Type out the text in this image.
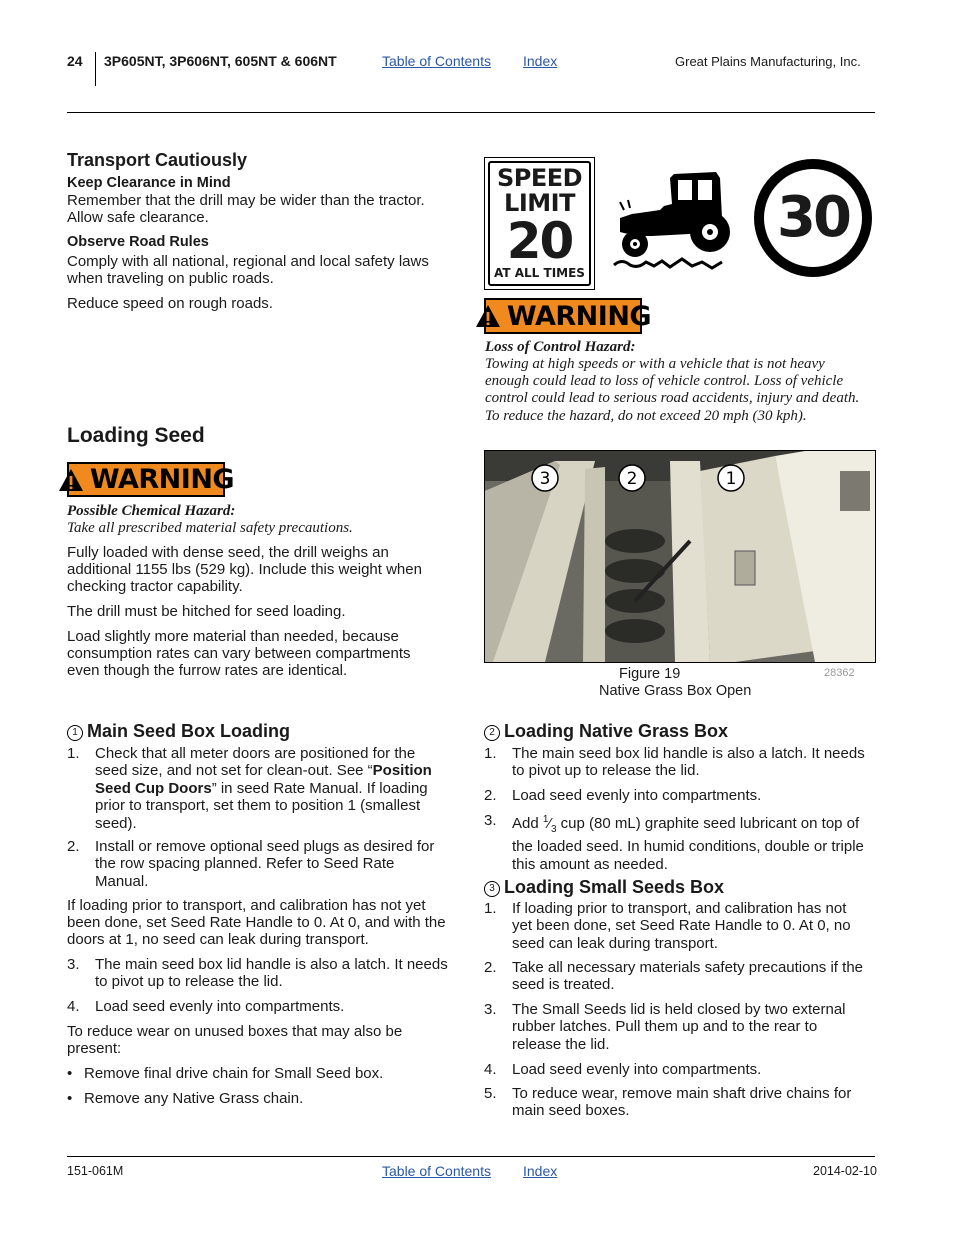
24 3P605NT, 3P606NT, 605NT & 606NT	Table of Contents Index	Great Plains Manufacturing, Inc.
Transport Cautiously
Keep Clearance in Mind
Remember that the drill may be wider than the tractor.
Allow safe clearance.
Observe Road Rules
Comply with all national, regional and local safety laws
when traveling on public roads.
Reduce speed on rough roads.
SPEED
LIMIT
20
AT ALL TIMES
30
WARNING
Loss of Control Hazard:
Towing at high speeds or with a vehicle that is not heavy
enough could lead to loss of vehicle control. Loss of vehicle
control could lead to serious road accidents, injury and death.
To reduce the hazard, do not exceed 20 mph (30 kph).
Loading Seed
WARNING
Possible Chemical Hazard:
Take all prescribed material safety precautions.
Fully loaded with dense seed, the drill weighs an
additional 1155 lbs (529 kg). Include this weight when
checking tractor capability.
The drill must be hitched for seed loading.
Load slightly more material than needed, because
consumption rates can vary between compartments
even though the furrow rates are identical.
3	2	1
Figure 19	28362
Native Grass Box Open
1 Main Seed Box Loading
1. Check that all meter doors are positioned for the
seed size, and not set for clean-out. See “Position
Seed Cup Doors” in seed Rate Manual. If loading
prior to transport, set them to position 1 (smallest
seed).
2. Install or remove optional seed plugs as desired for
the row spacing planned. Refer to Seed Rate
Manual.
If loading prior to transport, and calibration has not yet
been done, set Seed Rate Handle to 0. At 0, and with the
doors at 1, no seed can leak during transport.
3. The main seed box lid handle is also a latch. It needs
to pivot up to release the lid.
4. Load seed evenly into compartments.
To reduce wear on unused boxes that may also be
present:
• Remove final drive chain for Small Seed box.
• Remove any Native Grass chain.
2 Loading Native Grass Box
1. The main seed box lid handle is also a latch. It needs
to pivot up to release the lid.
2. Load seed evenly into compartments.
3. Add $^1⁄_3$ cup (80 mL) graphite seed lubricant on top of
the loaded seed. In humid conditions, double or triple
this amount as needed.
3 Loading Small Seeds Box
1. If loading prior to transport, and calibration has not
yet been done, set Seed Rate Handle to 0. At 0, no
seed can leak during transport.
2. Take all necessary materials safety precautions if the
seed is treated.
3. The Small Seeds lid is held closed by two external
rubber latches. Pull them up and to the rear to
release the lid.
4. Load seed evenly into compartments.
5. To reduce wear, remove main shaft drive chains for
main seed boxes.
151-061M	Table of Contents Index	2014-02-10
